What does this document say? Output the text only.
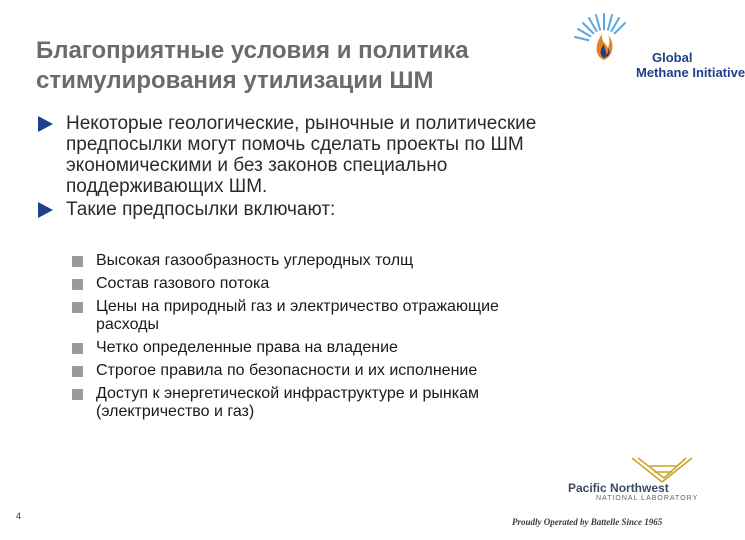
Благоприятные условия и политика
стимулирования утилизации ШМ
Global
Methane Initiative
Некоторые геологические, рыночные и политические
предпосылки могут помочь сделать проекты по ШМ
экономическими и без законов специально
поддерживающих ШМ.
Такие предпосылки включают:
Высокая газообразность углеродных толщ
Состав газового потока
Цены на природный газ и электричество отражающие
расходы
Четко определенные права на владение
Строгое правила по безопасности и их исполнение
Доступ к энергетической инфраструктуре и рынкам
(электричество и газ)
4
Pacific Northwest
NATIONAL LABORATORY
Proudly Operated by Battelle Since 1965
